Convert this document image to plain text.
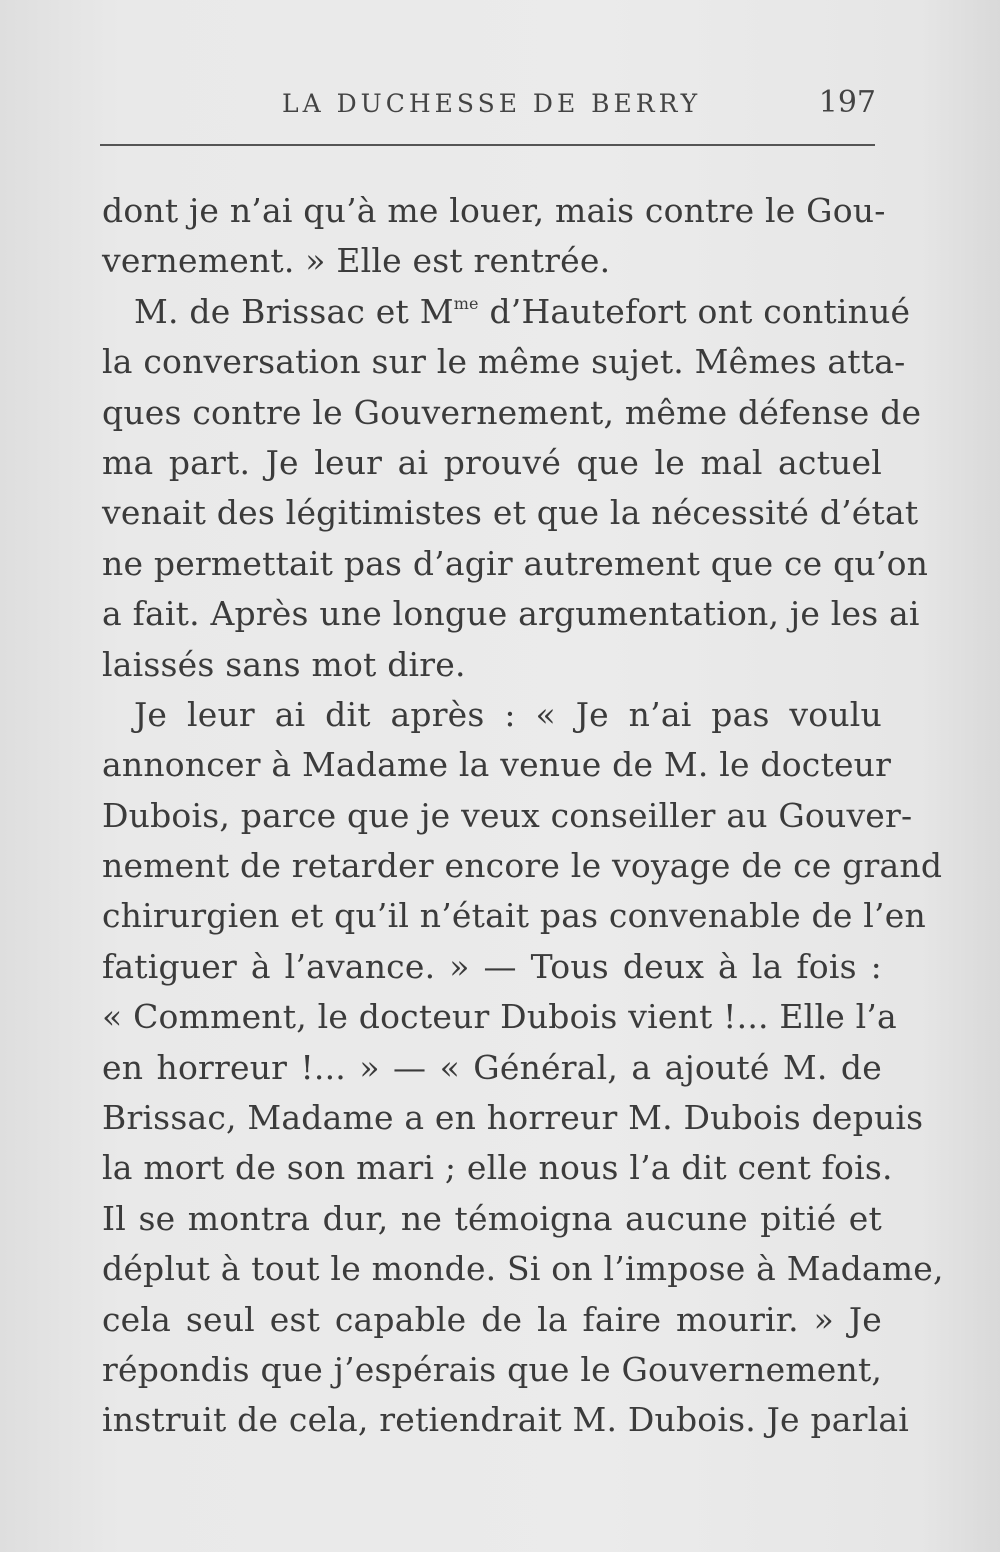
LA DUCHESSE DE BERRY	197
dont je n’ai qu’à me louer, mais contre le Gou-
vernement. » Elle est rentrée.
M. de Brissac et $M^{me}$ d’Hautefort ont continué
la conversation sur le même sujet. Mêmes atta-
ques contre le Gouvernement, même défense de
ma part. Je leur ai prouvé que le mal actuel
venait des légitimistes et que la nécessité d’état
ne permettait pas d’agir autrement que ce qu’on
a fait. Après une longue argumentation, je les ai
laissés sans mot dire.
Je leur ai dit après : « Je n’ai pas voulu
annoncer à Madame la venue de M. le docteur
Dubois, parce que je veux conseiller au Gouver-
nement de retarder encore le voyage de ce grand
chirurgien et qu’il n’était pas convenable de l’en
fatiguer à l’avance. » — Tous deux à la fois :
« Comment, le docteur Dubois vient !... Elle l’a
en horreur !... » — « Général, a ajouté M. de
Brissac, Madame a en horreur M. Dubois depuis
la mort de son mari ; elle nous l’a dit cent fois.
Il se montra dur, ne témoigna aucune pitié et
déplut à tout le monde. Si on l’impose à Madame,
cela seul est capable de la faire mourir. » Je
répondis que j’espérais que le Gouvernement,
instruit de cela, retiendrait M. Dubois. Je parlai
